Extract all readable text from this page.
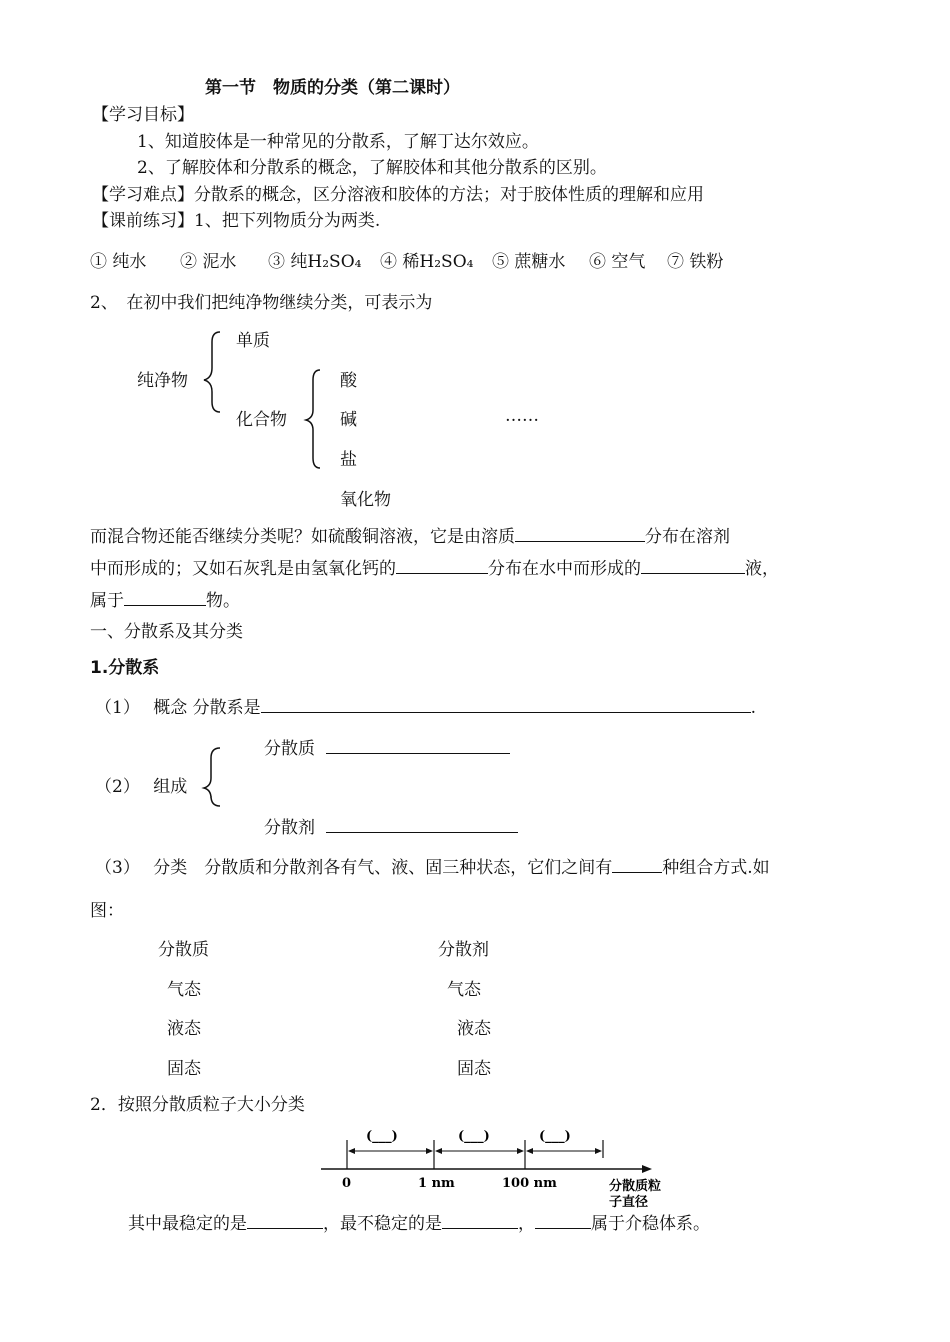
第一节　物质的分类（第二课时）
【学习目标】
1、知道胶体是一种常见的分散系，了解丁达尔效应。
2、了解胶体和分散系的概念，了解胶体和其他分散系的区别。
【学习难点】分散系的概念，区分溶液和胶体的方法；对于胶体性质的理解和应用
【课前练习】1、把下列物质分为两类.
① 纯水 ② 泥水 ③ 纯H₂SO₄ ④ 稀H₂SO₄ ⑤ 蔗糖水 ⑥ 空气 ⑦ 铁粉
2、　在初中我们把纯净物继续分类，可表示为
单质
纯净物
化合物
酸
碱
盐
氧化物
……
而混合物还能否继续分类呢？如硫酸铜溶液，它是由溶质	分布在溶剂
中而形成的；又如石灰乳是由氢氧化钙的	分布在水中而形成的	液，
属于	物。
一、分散系及其分类
1.分散系
（1） 概念 分散系是	.
分散质
（2） 组成
分散剂
（3） 分类　分散质和分散剂各有气、液、固三种状态，它们之间有	种组合方式.如
图：
分散质	分散剂
气态	气态
液态	液态
固态	固态
2．按照分散质粒子大小分类
其中最稳定的是	，最不稳定的是	，	属于介稳体系。
(___)	(___)	(___)
0	1 nm	100 nm	分散质粒
子直径
